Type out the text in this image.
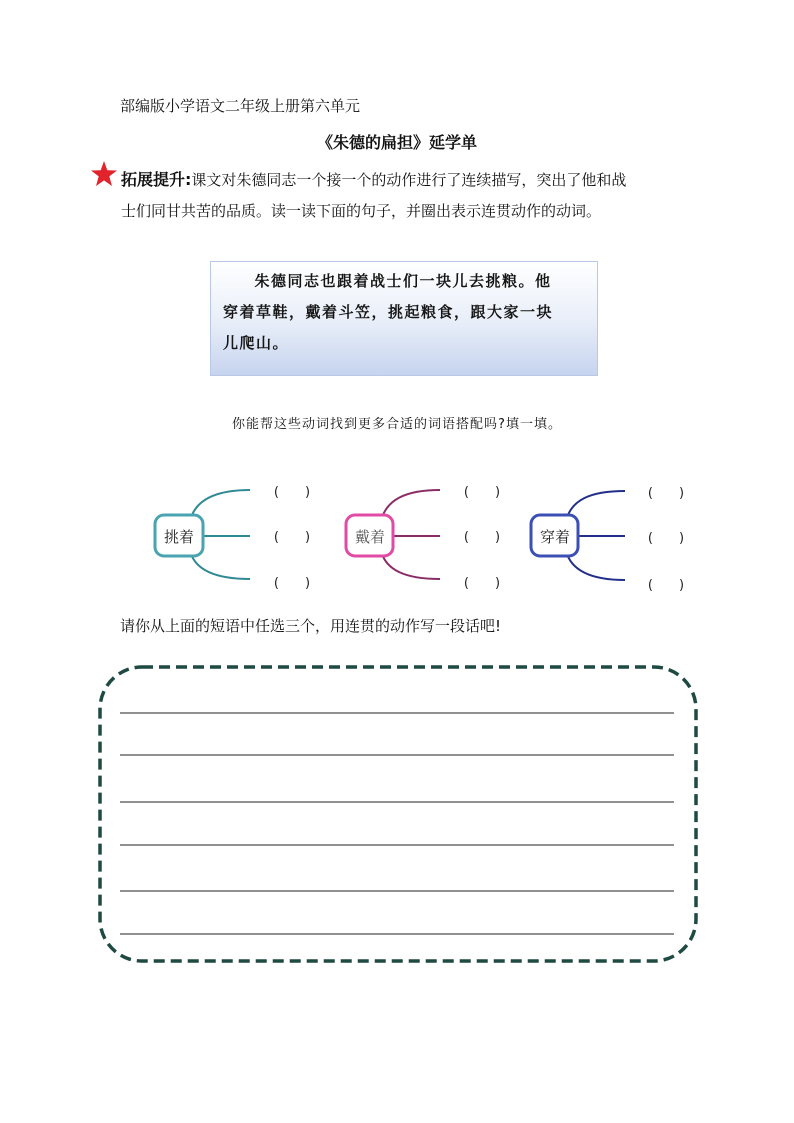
部编版小学语文二年级上册第六单元
《朱德的扁担》延学单
拓展提升:课文对朱德同志一个接一个的动作进行了连续描写，突出了他和战
士们同甘共苦的品质。读一读下面的句子，并圈出表示连贯动作的动词。
朱德同志也跟着战士们一块儿去挑粮。他
穿着草鞋，戴着斗笠，挑起粮食，跟大家一块
儿爬山。
你能帮这些动词找到更多合适的词语搭配吗?填一填。
挑着
(　　)
(　　)
(　　)
戴着
(　　)
(　　)
(　　)
穿着
(　　)
(　　)
(　　)
请你从上面的短语中任选三个，用连贯的动作写一段话吧!
